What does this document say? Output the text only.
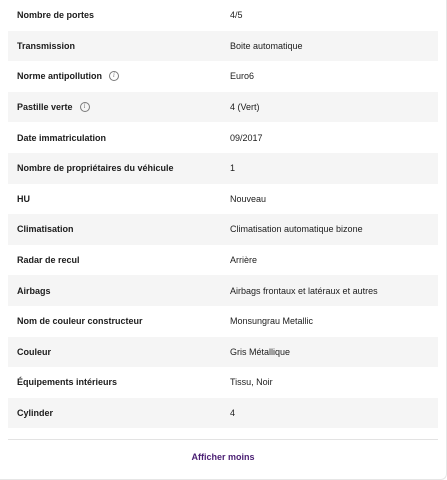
Nombre de portes	4/5
Transmission	Boite automatique
Norme antipollution	i	Euro6
Pastille verte	i	4 (Vert)
Date immatriculation	09/2017
Nombre de propriétaires du véhicule	1
HU	Nouveau
Climatisation	Climatisation automatique bizone
Radar de recul	Arrière
Airbags	Airbags frontaux et latéraux et autres
Nom de couleur constructeur	Monsungrau Metallic
Couleur	Gris Métallique
Équipements intérieurs	Tissu, Noir
Cylinder	4
Afficher moins
